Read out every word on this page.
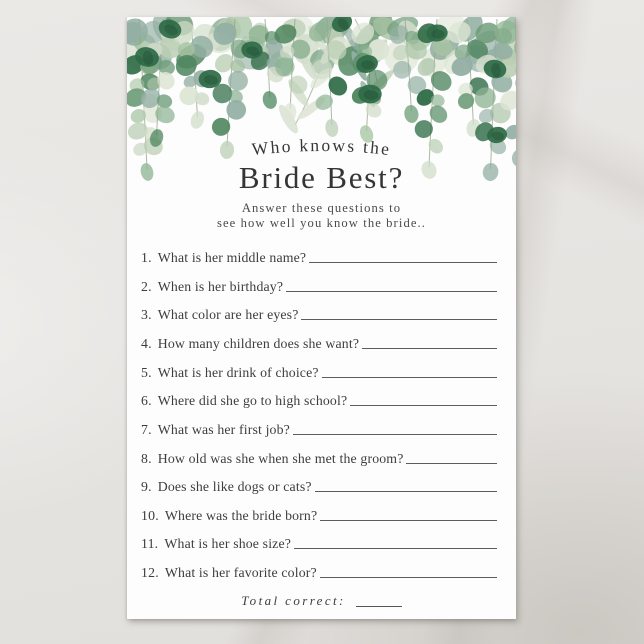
Who knows the
Bride Best?

Answer these questions to
see how well you know the bride..

1. What is her middle name?
2. When is her birthday?
3. What color are her eyes?
4. How many children does she want?
5. What is her drink of choice?
6. Where did she go to high school?
7. What was her first job?
8. How old was she when she met the groom?
9. Does she like dogs or cats?
10. Where was the bride born?
11. What is her shoe size?
12. What is her favorite color?
Total correct:
